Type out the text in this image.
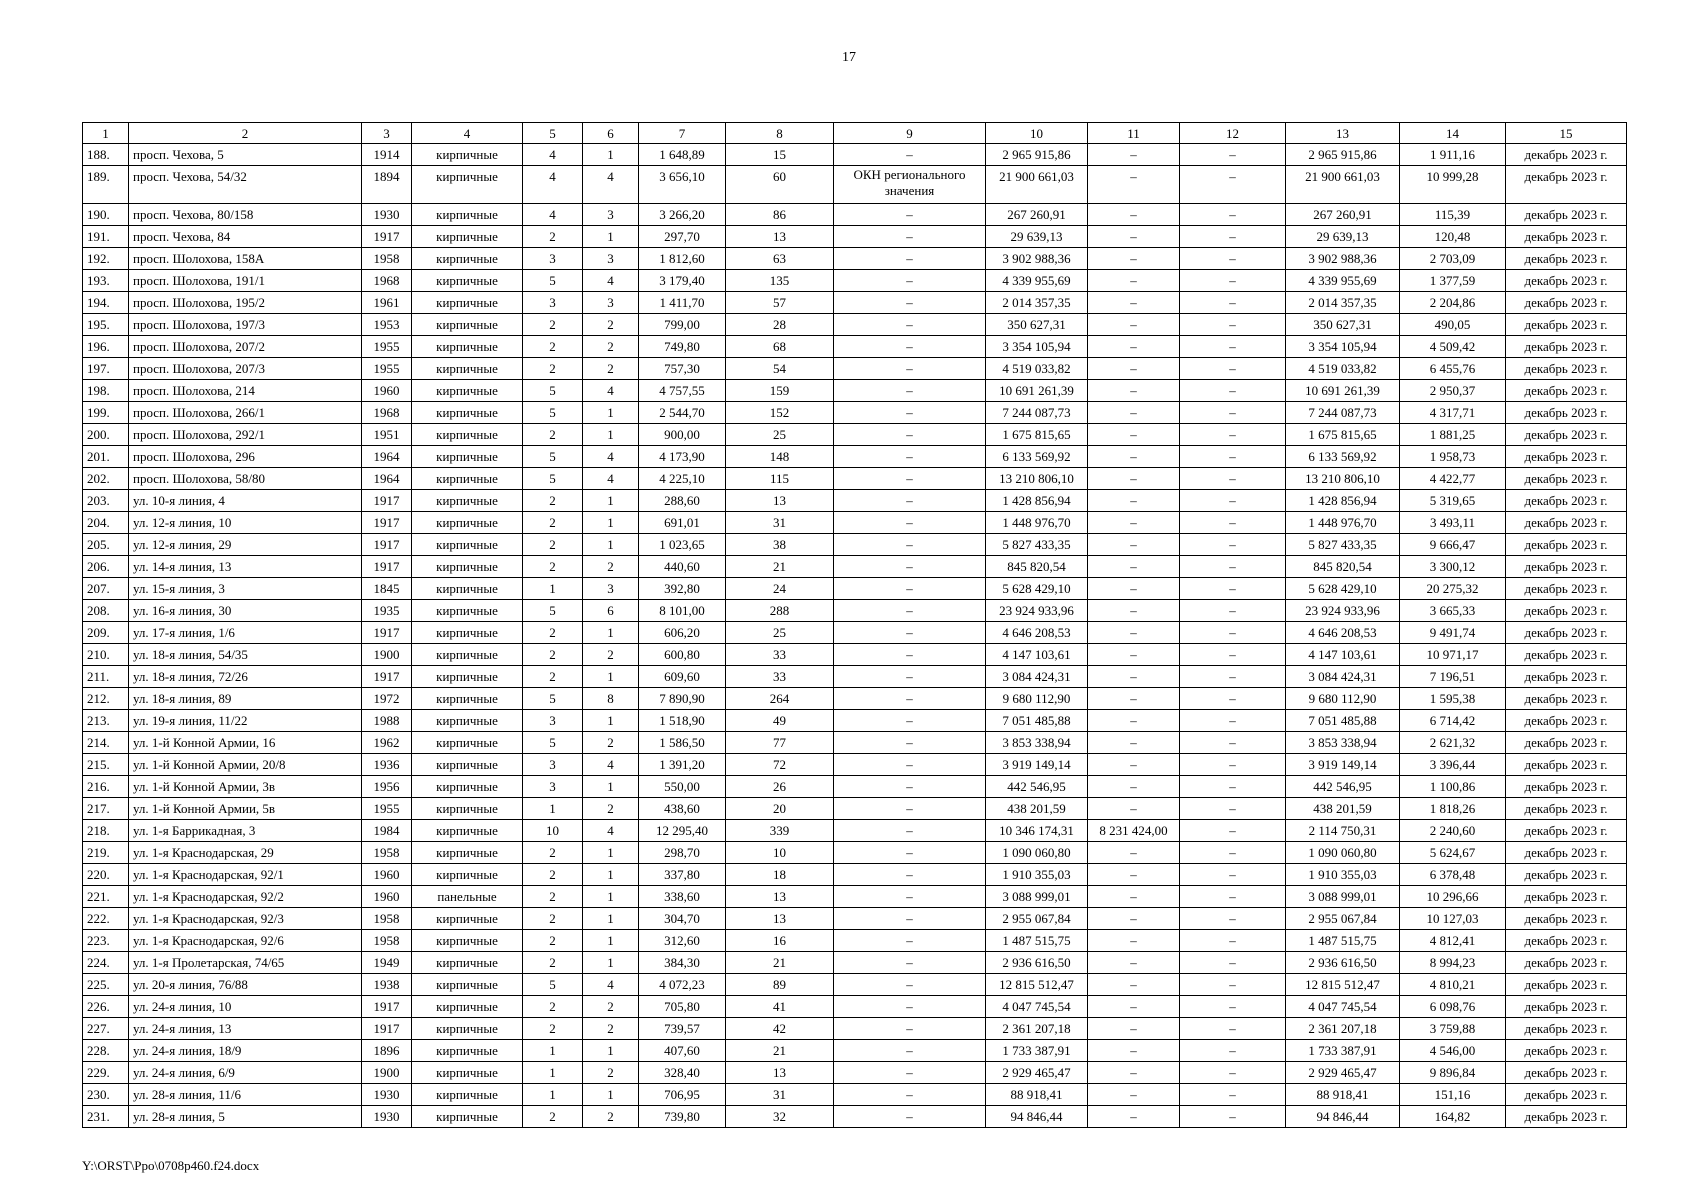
17
1	2	3	4	5	6	7	8	9	10	11	12	13	14	15
188.	просп. Чехова, 5	1914	кирпичные	4	1	1 648,89	15	–	2 965 915,86	–	–	2 965 915,86	1 911,16	декабрь 2023 г.
189.	просп. Чехова, 54/32	1894	кирпичные	4	4	3 656,10	60	ОКН регионального значения	21 900 661,03	–	–	21 900 661,03	10 999,28	декабрь 2023 г.
190.	просп. Чехова, 80/158	1930	кирпичные	4	3	3 266,20	86	–	267 260,91	–	–	267 260,91	115,39	декабрь 2023 г.
191.	просп. Чехова, 84	1917	кирпичные	2	1	297,70	13	–	29 639,13	–	–	29 639,13	120,48	декабрь 2023 г.
192.	просп. Шолохова, 158А	1958	кирпичные	3	3	1 812,60	63	–	3 902 988,36	–	–	3 902 988,36	2 703,09	декабрь 2023 г.
193.	просп. Шолохова, 191/1	1968	кирпичные	5	4	3 179,40	135	–	4 339 955,69	–	–	4 339 955,69	1 377,59	декабрь 2023 г.
194.	просп. Шолохова, 195/2	1961	кирпичные	3	3	1 411,70	57	–	2 014 357,35	–	–	2 014 357,35	2 204,86	декабрь 2023 г.
195.	просп. Шолохова, 197/3	1953	кирпичные	2	2	799,00	28	–	350 627,31	–	–	350 627,31	490,05	декабрь 2023 г.
196.	просп. Шолохова, 207/2	1955	кирпичные	2	2	749,80	68	–	3 354 105,94	–	–	3 354 105,94	4 509,42	декабрь 2023 г.
197.	просп. Шолохова, 207/3	1955	кирпичные	2	2	757,30	54	–	4 519 033,82	–	–	4 519 033,82	6 455,76	декабрь 2023 г.
198.	просп. Шолохова, 214	1960	кирпичные	5	4	4 757,55	159	–	10 691 261,39	–	–	10 691 261,39	2 950,37	декабрь 2023 г.
199.	просп. Шолохова, 266/1	1968	кирпичные	5	1	2 544,70	152	–	7 244 087,73	–	–	7 244 087,73	4 317,71	декабрь 2023 г.
200.	просп. Шолохова, 292/1	1951	кирпичные	2	1	900,00	25	–	1 675 815,65	–	–	1 675 815,65	1 881,25	декабрь 2023 г.
201.	просп. Шолохова, 296	1964	кирпичные	5	4	4 173,90	148	–	6 133 569,92	–	–	6 133 569,92	1 958,73	декабрь 2023 г.
202.	просп. Шолохова, 58/80	1964	кирпичные	5	4	4 225,10	115	–	13 210 806,10	–	–	13 210 806,10	4 422,77	декабрь 2023 г.
203.	ул. 10-я линия, 4	1917	кирпичные	2	1	288,60	13	–	1 428 856,94	–	–	1 428 856,94	5 319,65	декабрь 2023 г.
204.	ул. 12-я линия, 10	1917	кирпичные	2	1	691,01	31	–	1 448 976,70	–	–	1 448 976,70	3 493,11	декабрь 2023 г.
205.	ул. 12-я линия, 29	1917	кирпичные	2	1	1 023,65	38	–	5 827 433,35	–	–	5 827 433,35	9 666,47	декабрь 2023 г.
206.	ул. 14-я линия, 13	1917	кирпичные	2	2	440,60	21	–	845 820,54	–	–	845 820,54	3 300,12	декабрь 2023 г.
207.	ул. 15-я линия, 3	1845	кирпичные	1	3	392,80	24	–	5 628 429,10	–	–	5 628 429,10	20 275,32	декабрь 2023 г.
208.	ул. 16-я линия, 30	1935	кирпичные	5	6	8 101,00	288	–	23 924 933,96	–	–	23 924 933,96	3 665,33	декабрь 2023 г.
209.	ул. 17-я линия, 1/6	1917	кирпичные	2	1	606,20	25	–	4 646 208,53	–	–	4 646 208,53	9 491,74	декабрь 2023 г.
210.	ул. 18-я линия, 54/35	1900	кирпичные	2	2	600,80	33	–	4 147 103,61	–	–	4 147 103,61	10 971,17	декабрь 2023 г.
211.	ул. 18-я линия, 72/26	1917	кирпичные	2	1	609,60	33	–	3 084 424,31	–	–	3 084 424,31	7 196,51	декабрь 2023 г.
212.	ул. 18-я линия, 89	1972	кирпичные	5	8	7 890,90	264	–	9 680 112,90	–	–	9 680 112,90	1 595,38	декабрь 2023 г.
213.	ул. 19-я линия, 11/22	1988	кирпичные	3	1	1 518,90	49	–	7 051 485,88	–	–	7 051 485,88	6 714,42	декабрь 2023 г.
214.	ул. 1-й Конной Армии, 16	1962	кирпичные	5	2	1 586,50	77	–	3 853 338,94	–	–	3 853 338,94	2 621,32	декабрь 2023 г.
215.	ул. 1-й Конной Армии, 20/8	1936	кирпичные	3	4	1 391,20	72	–	3 919 149,14	–	–	3 919 149,14	3 396,44	декабрь 2023 г.
216.	ул. 1-й Конной Армии, 3в	1956	кирпичные	3	1	550,00	26	–	442 546,95	–	–	442 546,95	1 100,86	декабрь 2023 г.
217.	ул. 1-й Конной Армии, 5в	1955	кирпичные	1	2	438,60	20	–	438 201,59	–	–	438 201,59	1 818,26	декабрь 2023 г.
218.	ул. 1-я Баррикадная, 3	1984	кирпичные	10	4	12 295,40	339	–	10 346 174,31	8 231 424,00	–	2 114 750,31	2 240,60	декабрь 2023 г.
219.	ул. 1-я Краснодарская, 29	1958	кирпичные	2	1	298,70	10	–	1 090 060,80	–	–	1 090 060,80	5 624,67	декабрь 2023 г.
220.	ул. 1-я Краснодарская, 92/1	1960	кирпичные	2	1	337,80	18	–	1 910 355,03	–	–	1 910 355,03	6 378,48	декабрь 2023 г.
221.	ул. 1-я Краснодарская, 92/2	1960	панельные	2	1	338,60	13	–	3 088 999,01	–	–	3 088 999,01	10 296,66	декабрь 2023 г.
222.	ул. 1-я Краснодарская, 92/3	1958	кирпичные	2	1	304,70	13	–	2 955 067,84	–	–	2 955 067,84	10 127,03	декабрь 2023 г.
223.	ул. 1-я Краснодарская, 92/6	1958	кирпичные	2	1	312,60	16	–	1 487 515,75	–	–	1 487 515,75	4 812,41	декабрь 2023 г.
224.	ул. 1-я Пролетарская, 74/65	1949	кирпичные	2	1	384,30	21	–	2 936 616,50	–	–	2 936 616,50	8 994,23	декабрь 2023 г.
225.	ул. 20-я линия, 76/88	1938	кирпичные	5	4	4 072,23	89	–	12 815 512,47	–	–	12 815 512,47	4 810,21	декабрь 2023 г.
226.	ул. 24-я линия, 10	1917	кирпичные	2	2	705,80	41	–	4 047 745,54	–	–	4 047 745,54	6 098,76	декабрь 2023 г.
227.	ул. 24-я линия, 13	1917	кирпичные	2	2	739,57	42	–	2 361 207,18	–	–	2 361 207,18	3 759,88	декабрь 2023 г.
228.	ул. 24-я линия, 18/9	1896	кирпичные	1	1	407,60	21	–	1 733 387,91	–	–	1 733 387,91	4 546,00	декабрь 2023 г.
229.	ул. 24-я линия, 6/9	1900	кирпичные	1	2	328,40	13	–	2 929 465,47	–	–	2 929 465,47	9 896,84	декабрь 2023 г.
230.	ул. 28-я линия, 11/6	1930	кирпичные	1	1	706,95	31	–	88 918,41	–	–	88 918,41	151,16	декабрь 2023 г.
231.	ул. 28-я линия, 5	1930	кирпичные	2	2	739,80	32	–	94 846,44	–	–	94 846,44	164,82	декабрь 2023 г.
Y:\ORST\Ppo\0708p460.f24.docx
